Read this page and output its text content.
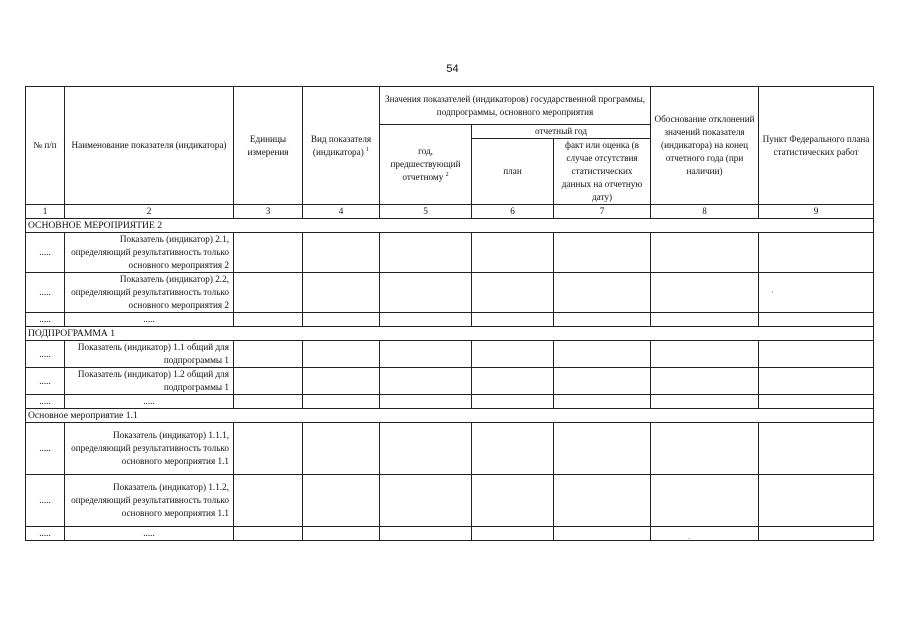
54
№ п/п	Наименование показателя (индикатора)	Единицы измерения	Вид показателя (индикатора) $^1$	Значения показателей (индикаторов) государственной программы, подпрограммы, основного мероприятия			Обоснование отклонений значений показателя (индикатора) на конец отчетного года (при наличии)	Пункт Федерального плана статистических работ
				год, предшествующий отчетному $^2$	отчетный год			
					план	факт или оценка (в случае отсутствия статистических данных на отчетную дату)		
1	2	3	4	5	6	7	8	9
ОСНОВНОЕ МЕРОПРИЯТИЕ 2								
.....	Показатель (индикатор) 2.1, определяющий результативность только основного мероприятия 2							
.....	Показатель (индикатор) 2.2, определяющий результативность только основного мероприятия 2							
.....	.....							
ПОДПРОГРАММА 1								
.....	Показатель (индикатор) 1.1 общий для подпрограммы 1							
.....	Показатель (индикатор) 1.2 общий для подпрограммы 1							
.....	.....							
Основное мероприятие 1.1								
.....	Показатель (индикатор) 1.1.1, определяющий результативность только основного мероприятия 1.1							
.....	Показатель (индикатор) 1.1.2, определяющий результативность только основного мероприятия 1.1							
.....	.....							
·
-
